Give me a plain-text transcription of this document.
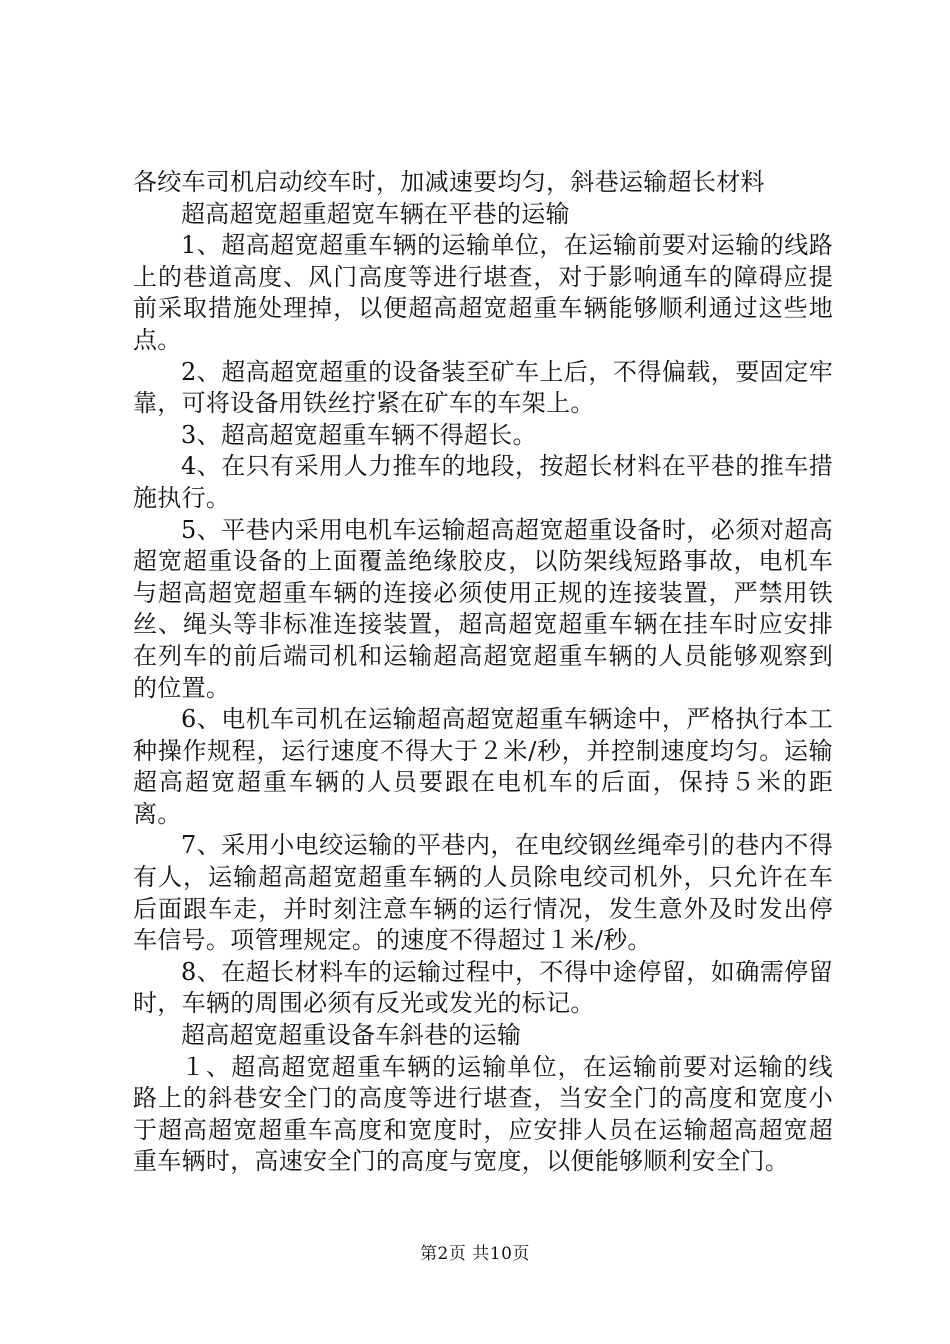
各绞车司机启动绞车时，加减速要均匀，斜巷运输超长材料

超高超宽超重超宽车辆在平巷的运输

1、超高超宽超重车辆的运输单位，在运输前要对运输的线路上的巷道高度、风门高度等进行堪查，对于影响通车的障碍应提前采取措施处理掉，以便超高超宽超重车辆能够顺利通过这些地点。

2、超高超宽超重的设备装至矿车上后，不得偏载，要固定牢靠，可将设备用铁丝拧紧在矿车的车架上。

3、超高超宽超重车辆不得超长。

4、在只有采用人力推车的地段，按超长材料在平巷的推车措施执行。

5、平巷内采用电机车运输超高超宽超重设备时，必须对超高超宽超重设备的上面覆盖绝缘胶皮，以防架线短路事故，电机车与超高超宽超重车辆的连接必须使用正规的连接装置，严禁用铁丝、绳头等非标准连接装置，超高超宽超重车辆在挂车时应安排在列车的前后端司机和运输超高超宽超重车辆的人员能够观察到的位置。

6、电机车司机在运输超高超宽超重车辆途中，严格执行本工种操作规程，运行速度不得大于２米/秒，并控制速度均匀。运输超高超宽超重车辆的人员要跟在电机车的后面，保持５米的距离。

7、采用小电绞运输的平巷内，在电绞钢丝绳牵引的巷内不得有人，运输超高超宽超重车辆的人员除电绞司机外，只允许在车后面跟车走，并时刻注意车辆的运行情况，发生意外及时发出停车信号。项管理规定。的速度不得超过１米/秒。

8、在超长材料车的运输过程中，不得中途停留，如确需停留时，车辆的周围必须有反光或发光的标记。

超高超宽超重设备车斜巷的运输

１、超高超宽超重车辆的运输单位，在运输前要对运输的线路上的斜巷安全门的高度等进行堪查，当安全门的高度和宽度小于超高超宽超重车高度和宽度时，应安排人员在运输超高超宽超重车辆时，高速安全门的高度与宽度，以便能够顺利安全门。

第2页 共10页
